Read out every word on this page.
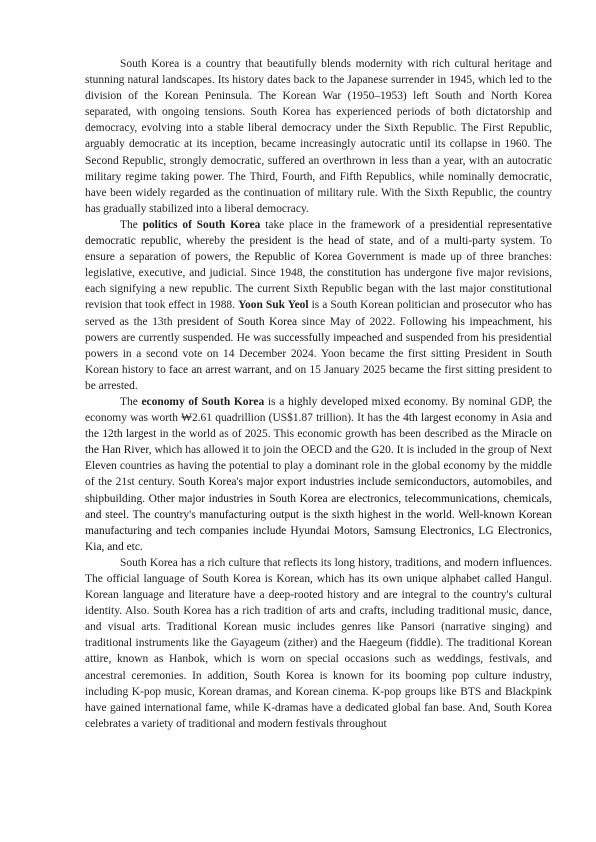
South Korea is a country that beautifully blends modernity with rich cultural heritage and stunning natural landscapes. Its history dates back to the Japanese surrender in 1945, which led to the division of the Korean Peninsula. The Korean War (1950–1953) left South and North Korea separated, with ongoing tensions. South Korea has experienced periods of both dictatorship and democracy, evolving into a stable liberal democracy under the Sixth Republic. The First Republic, arguably democratic at its inception, became increasingly autocratic until its collapse in 1960. The Second Republic, strongly democratic, suffered an overthrown in less than a year, with an autocratic military regime taking power. The Third, Fourth, and Fifth Republics, while nominally democratic, have been widely regarded as the continuation of military rule. With the Sixth Republic, the country has gradually stabilized into a liberal democracy.

The politics of South Korea take place in the framework of a presidential representative democratic republic, whereby the president is the head of state, and of a multi-party system. To ensure a separation of powers, the Republic of Korea Government is made up of three branches: legislative, executive, and judicial. Since 1948, the constitution has undergone five major revisions, each signifying a new republic. The current Sixth Republic began with the last major constitutional revision that took effect in 1988. Yoon Suk Yeol is a South Korean politician and prosecutor who has served as the 13th president of South Korea since May of 2022. Following his impeachment, his powers are currently suspended. He was successfully impeached and suspended from his presidential powers in a second vote on 14 December 2024. Yoon became the first sitting President in South Korean history to face an arrest warrant, and on 15 January 2025 became the first sitting president to be arrested.

The economy of South Korea is a highly developed mixed economy. By nominal GDP, the economy was worth ₩2.61 quadrillion (US$1.87 trillion). It has the 4th largest economy in Asia and the 12th largest in the world as of 2025. This economic growth has been described as the Miracle on the Han River, which has allowed it to join the OECD and the G20. It is included in the group of Next Eleven countries as having the potential to play a dominant role in the global economy by the middle of the 21st century. South Korea's major export industries include semiconductors, automobiles, and shipbuilding. Other major industries in South Korea are electronics, telecommunications, chemicals, and steel. The country's manufacturing output is the sixth highest in the world. Well-known Korean manufacturing and tech companies include Hyundai Motors, Samsung Electronics, LG Electronics, Kia, and etc.

South Korea has a rich culture that reflects its long history, traditions, and modern influences. The official language of South Korea is Korean, which has its own unique alphabet called Hangul. Korean language and literature have a deep-rooted history and are integral to the country's cultural identity. Also. South Korea has a rich tradition of arts and crafts, including traditional music, dance, and visual arts. Traditional Korean music includes genres like Pansori (narrative singing) and traditional instruments like the Gayageum (zither) and the Haegeum (fiddle). The traditional Korean attire, known as Hanbok, which is worn on special occasions such as weddings, festivals, and ancestral ceremonies. In addition, South Korea is known for its booming pop culture industry, including K-pop music, Korean dramas, and Korean cinema. K-pop groups like BTS and Blackpink have gained international fame, while K-dramas have a dedicated global fan base. And, South Korea celebrates a variety of traditional and modern festivals throughout
